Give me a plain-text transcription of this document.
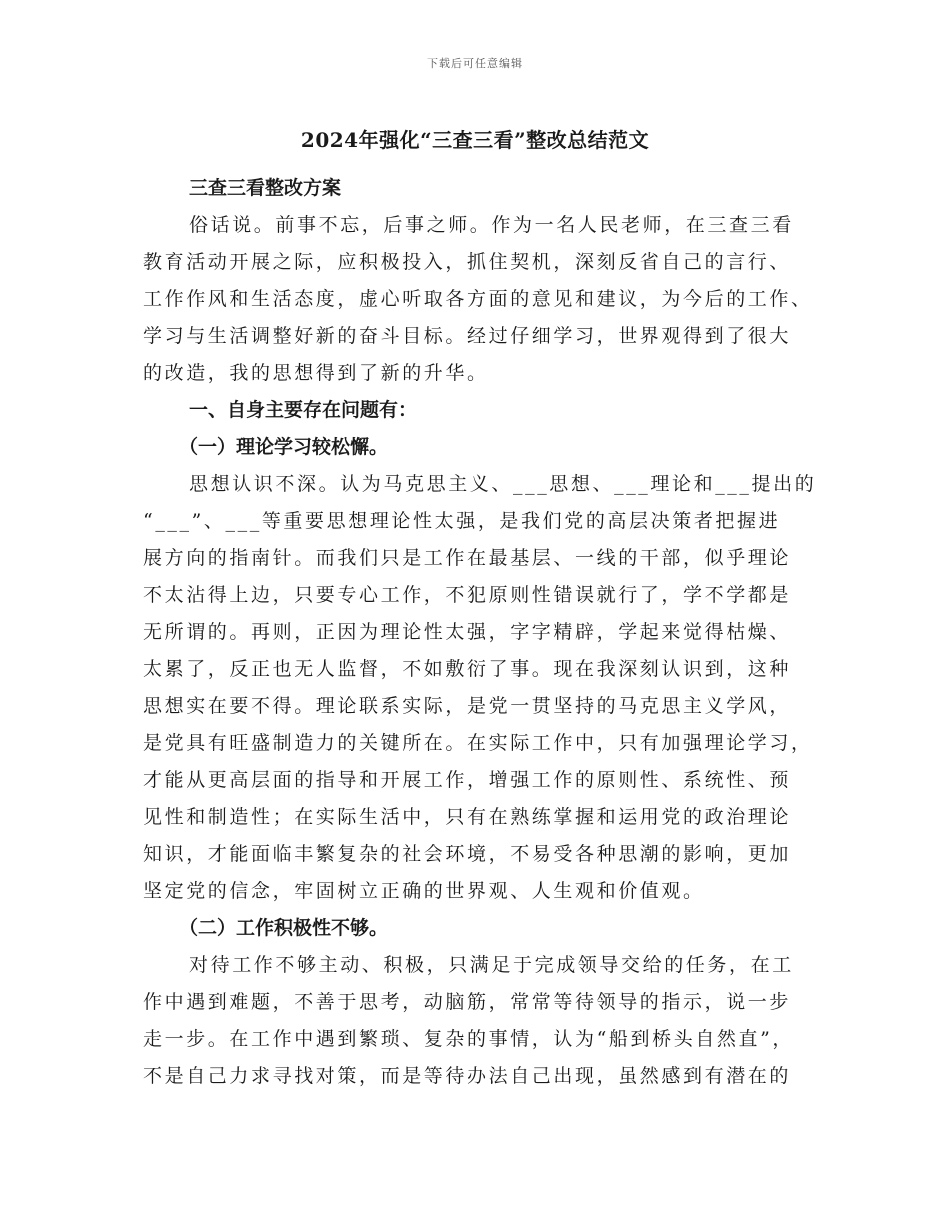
下载后可任意编辑
2024年强化“三查三看”整改总结范文
三查三看整改方案
俗话说。前事不忘，后事之师。作为一名人民老师，在三查三看
教育活动开展之际，应积极投入，抓住契机，深刻反省自己的言行、
工作作风和生活态度，虚心听取各方面的意见和建议，为今后的工作、
学习与生活调整好新的奋斗目标。经过仔细学习，世界观得到了很大
的改造，我的思想得到了新的升华。
一、自身主要存在问题有：
（一）理论学习较松懈。
思想认识不深。认为马克思主义、___思想、___理论和___提出的
“___”、___等重要思想理论性太强，是我们党的高层决策者把握进
展方向的指南针。而我们只是工作在最基层、一线的干部，似乎理论
不太沾得上边，只要专心工作，不犯原则性错误就行了，学不学都是
无所谓的。再则，正因为理论性太强，字字精辟，学起来觉得枯燥、
太累了，反正也无人监督，不如敷衍了事。现在我深刻认识到，这种
思想实在要不得。理论联系实际，是党一贯坚持的马克思主义学风，
是党具有旺盛制造力的关键所在。在实际工作中，只有加强理论学习，
才能从更高层面的指导和开展工作，增强工作的原则性、系统性、预
见性和制造性；在实际生活中，只有在熟练掌握和运用党的政治理论
知识，才能面临丰繁复杂的社会环境，不易受各种思潮的影响，更加
坚定党的信念，牢固树立正确的世界观、人生观和价值观。
（二）工作积极性不够。
对待工作不够主动、积极，只满足于完成领导交给的任务，在工
作中遇到难题，不善于思考，动脑筋，常常等待领导的指示，说一步
走一步。在工作中遇到繁琐、复杂的事情，认为“船到桥头自然直”，
不是自己力求寻找对策，而是等待办法自己出现，虽然感到有潜在的
